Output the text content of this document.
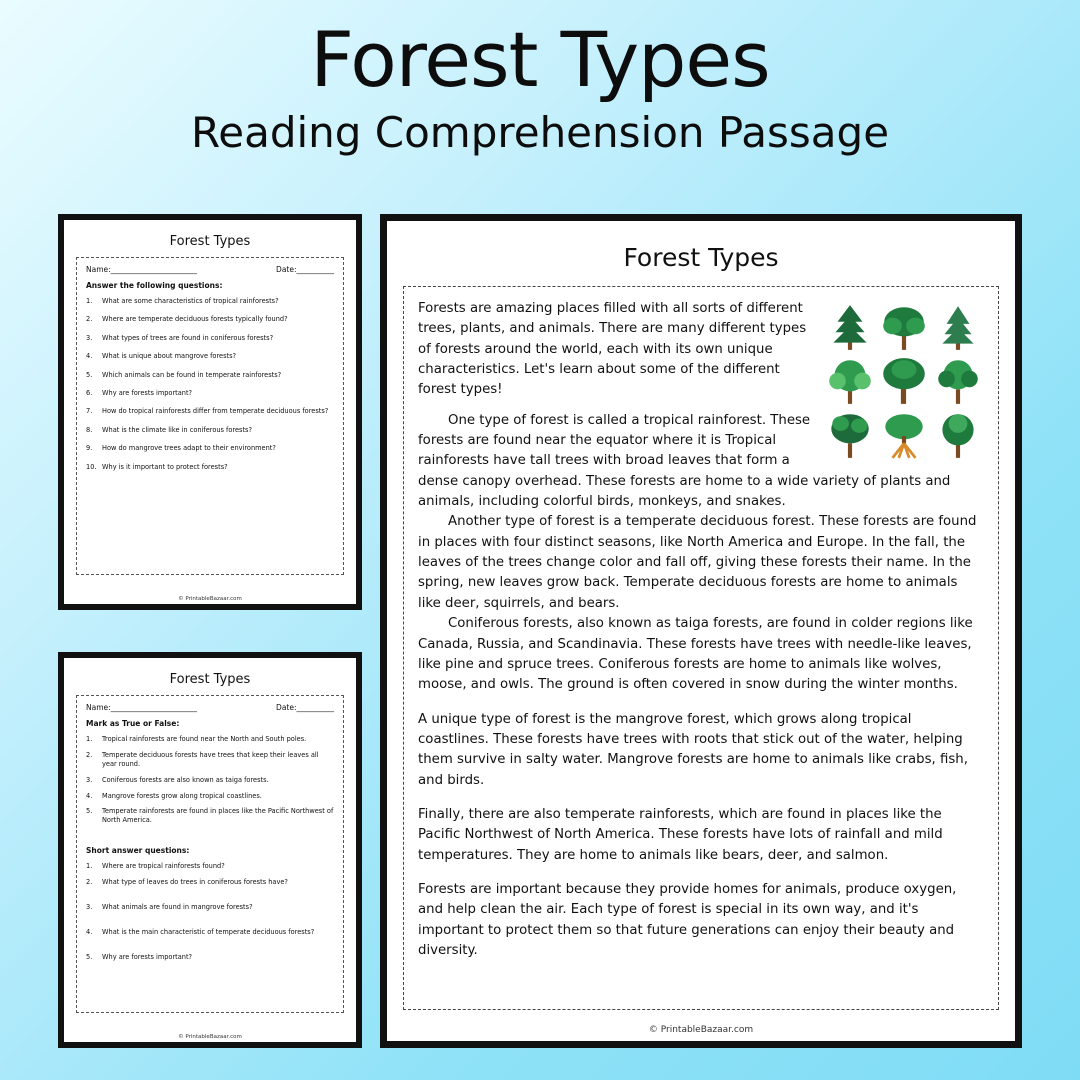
Forest Types
Reading Comprehension Passage
Forest Types
Name:_______________________	Date:__________
Answer the following questions:
1.	What are some characteristics of tropical rainforests?
2.	Where are temperate deciduous forests typically found?
3.	What types of trees are found in coniferous forests?
4.	What is unique about mangrove forests?
5.	Which animals can be found in temperate rainforests?
6.	Why are forests important?
7.	How do tropical rainforests differ from temperate deciduous forests?
8.	What is the climate like in coniferous forests?
9.	How do mangrove trees adapt to their environment?
10. Why is it important to protect forests?
© PrintableBazaar.com
Forest Types
Name:_______________________	Date:__________
Mark as True or False:
1.	Tropical rainforests are found near the North and South poles.
2.	Temperate deciduous forests have trees that keep their leaves all year round.
3.	Coniferous forests are also known as taiga forests.
4.	Mangrove forests grow along tropical coastlines.
5.	Temperate rainforests are found in places like the Pacific Northwest of North America.
Short answer questions:
1.	Where are tropical rainforests found?
2.	What type of leaves do trees in coniferous forests have?
3.	What animals are found in mangrove forests?
4.	What is the main characteristic of temperate deciduous forests?
5.	Why are forests important?
© PrintableBazaar.com
Forest Types

Forests are amazing places filled with all sorts of different trees, plants, and animals. There are many different types of forests around the world, each with its own unique characteristics. Let's learn about some of the different forest types!

One type of forest is called a tropical rainforest. These forests are found near the equator where it is Tropical rainforests have tall trees with broad leaves that form a dense canopy overhead. These forests are home to a wide variety of plants and animals, including colorful birds, monkeys, and snakes.

Another type of forest is a temperate deciduous forest. These forests are found in places with four distinct seasons, like North America and Europe. In the fall, the leaves of the trees change color and fall off, giving these forests their name. In the spring, new leaves grow back. Temperate deciduous forests are home to animals like deer, squirrels, and bears.

Coniferous forests, also known as taiga forests, are found in colder regions like Canada, Russia, and Scandinavia. These forests have trees with needle-like leaves, like pine and spruce trees. Coniferous forests are home to animals like wolves, moose, and owls. The ground is often covered in snow during the winter months.

A unique type of forest is the mangrove forest, which grows along tropical coastlines. These forests have trees with roots that stick out of the water, helping them survive in salty water. Mangrove forests are home to animals like crabs, fish, and birds.

Finally, there are also temperate rainforests, which are found in places like the Pacific Northwest of North America. These forests have lots of rainfall and mild temperatures. They are home to animals like bears, deer, and salmon.

Forests are important because they provide homes for animals, produce oxygen, and help clean the air. Each type of forest is special in its own way, and it's important to protect them so that future generations can enjoy their beauty and diversity.

© PrintableBazaar.com
